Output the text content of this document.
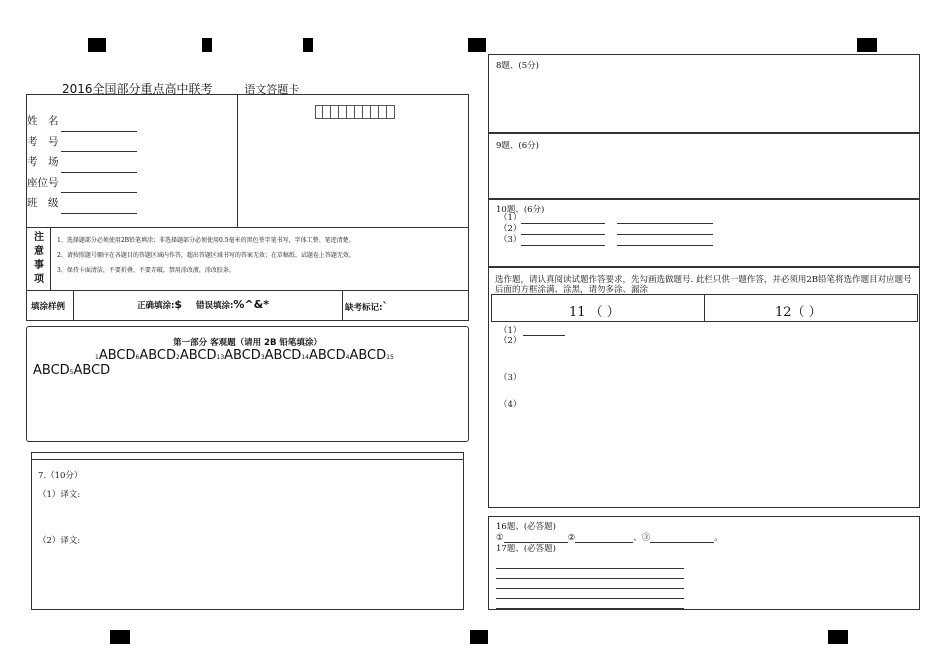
2016全国部分重点高中联考	语文答题卡
姓　名
考　号
考　场
座位号
班　级
注
意
事
项
1、选择题部分必须使用2B铅笔填涂；非选择题部分必须使用0.5毫米的黑色签字笔书写，字体工整、笔迹清楚。
2、请按照题号顺序在各题目的答题区域内作答，超出答题区域书写的答案无效；在草稿纸、试题卷上答题无效。
3、保持卡面清洁，不要折叠、不要弄破，禁用涂改液，涂改胶条。
填涂样例	正确填涂:$ 错误填涂:%^&*	缺考标记:`
第一部分 客观题（请用 2B 铅笔填涂）
1ABCD6ABCD2ABCD13ABCD3ABCD14ABCD4ABCD15
ABCD5ABCD
7.（10分）
（1）译文:
（2）译文:
8题、(5分)
9题、(6分)
10题、(6分)
（1）
（2）
（3）
选作题，请认真阅读试题作答要求，先勾画选做题号. 此栏只供一题作答，并必须用2B铅笔将选作题目对应题号后面的方框涂满、涂黑，请勿多涂、漏涂
11 （ ）	12（ ）
（1）
（2）
（3）
（4）
16题、(必答题)
①	②	、③	。
17题、(必答题)
